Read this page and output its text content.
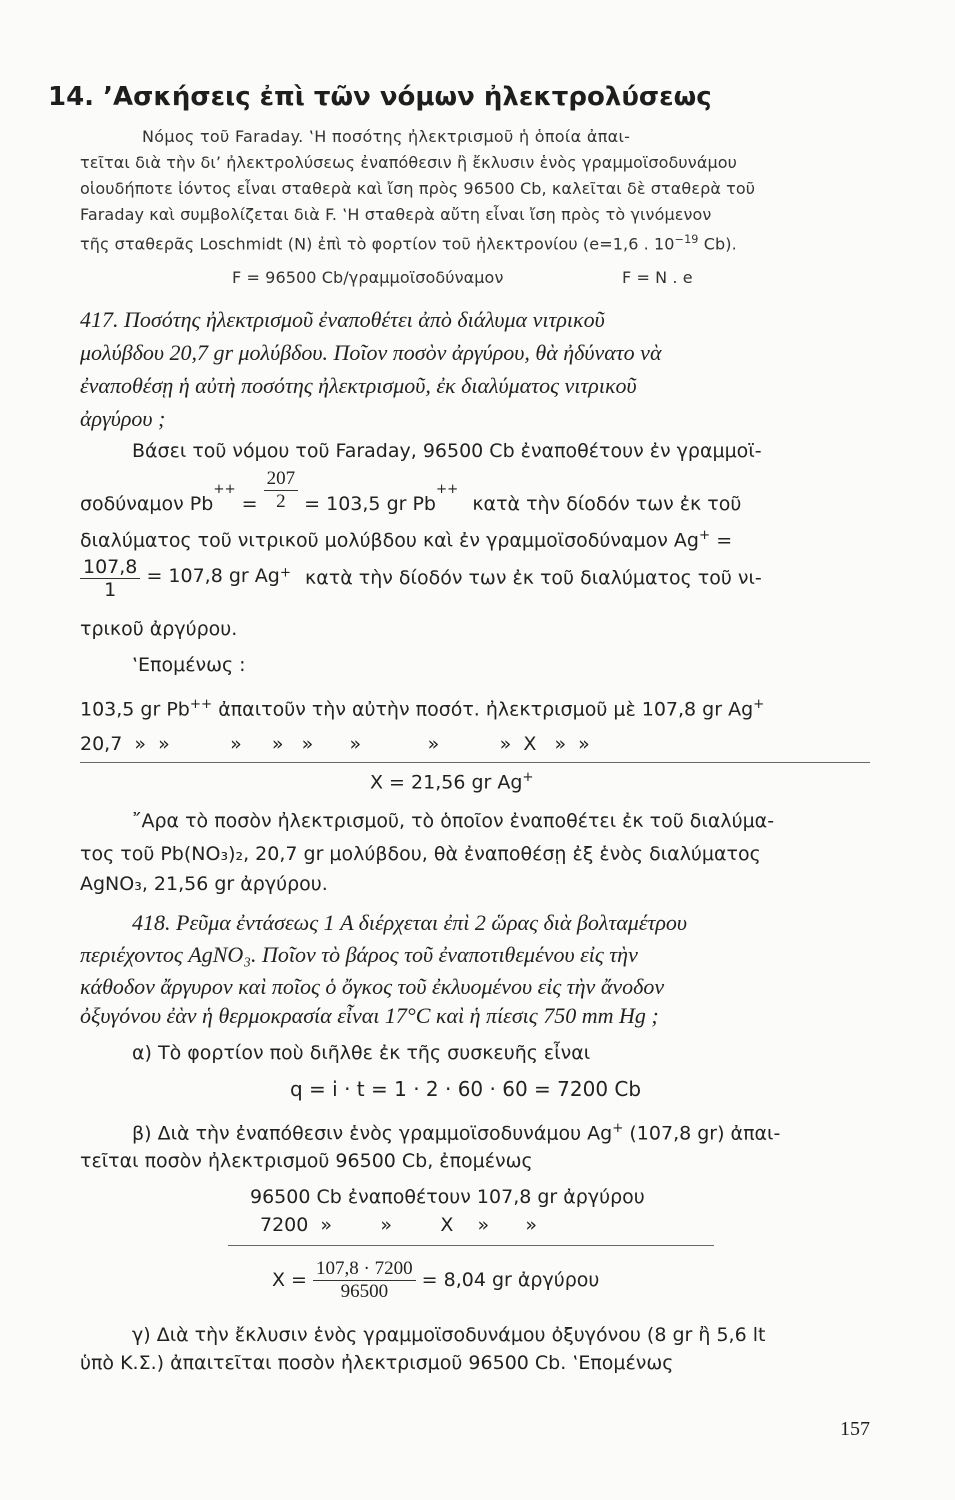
14. ’Ασκήσεις ἐπὶ τῶν νόμων ἠλεκτρολύσεως
Νόμος τοῦ Faraday. ‛Η ποσότης ἠλεκτρισμοῦ ἡ ὁποία ἀπαι-
τεῖται διὰ τὴν δι’ ἠλεκτρολύσεως ἐναπόθεσιν ἢ ἔκλυσιν ἑνὸς γραμμοϊσοδυνάμου
οἱουδήποτε ἰόντος εἶναι σταθερὰ καὶ ἴση πρὸς 96500 Cb, καλεῖται δὲ σταθερὰ τοῦ
Faraday καὶ συμβολίζεται διὰ F. ‛Η σταθερὰ αὔτη εἶναι ἴση πρὸς τὸ γινόμενον
τῆς σταθερᾶς Loschmidt (N) ἐπὶ τὸ φορτίον τοῦ ἠλεκτρονίου (e=1,6 . $10^{-19}$ Cb).
F = 96500 Cb/γραμμοϊσοδύναμον	F = N . e
417. Ποσότης ἠλεκτρισμοῦ ἐναποθέτει ἀπὸ διάλυμα νιτρικοῦ
μολύβδου 20,7 gr μολύβδου. Ποῖον ποσὸν ἀργύρου, θὰ ἠδύνατο νὰ
ἐναποθέσῃ ἡ αὐτὴ ποσότης ἠλεκτρισμοῦ, ἐκ διαλύματος νιτρικοῦ
ἀργύρου ;
Βάσει τοῦ νόμου τοῦ Faraday, 96500 Cb ἐναποθέτουν ἐν γραμμοϊ-
σοδύναμον $Pb^{++} = \frac{207}{2} = 103,5$ gr Pb++ κατὰ τὴν δίοδόν των ἐκ τοῦ
διαλύματος τοῦ νιτρικοῦ μολύβδου καὶ ἐν γραμμοϊσοδύναμον Ag+ =
$\frac{107,8}{1} = 107,8$ gr Ag+ κατὰ τὴν δίοδόν των ἐκ τοῦ διαλύματος τοῦ νι-
τρικοῦ ἀργύρου.
‛Επομένως :
103,5 gr Pb++ ἀπαιτοῦν τὴν αὐτὴν ποσότ. ἠλεκτρισμοῦ μὲ 107,8 gr Ag+
20,7  »  »          »     »   »      »           »          »  X   »  »
X = 21,56 gr Ag+
῎Αρα τὸ ποσὸν ἠλεκτρισμοῦ, τὸ ὁποῖον ἐναποθέτει ἐκ τοῦ διαλύμα-
τος τοῦ Pb(NO₃)₂, 20,7 gr μολύβδου, θὰ ἐναποθέσῃ ἐξ ἑνὸς διαλύματος
AgNO₃, 21,56 gr ἀργύρου.
418. Ρεῦμα ἐντάσεως 1 A διέρχεται ἐπὶ 2 ὥρας διὰ βολταμέτρου
περιέχοντος AgNO₃. Ποῖον τὸ βάρος τοῦ ἐναποτιθεμένου εἰς τὴν
κάθοδον ἄργυρον καὶ ποῖος ὁ ὄγκος τοῦ ἐκλυομένου εἰς τὴν ἄνοδον
ὀξυγόνου ἐὰν ἡ θερμοκρασία εἶναι 17°C καὶ ἡ πίεσις 750 mm Hg ;
α) Τὸ φορτίον ποὺ διῆλθε ἐκ τῆς συσκευῆς εἶναι
q = i · t = 1 · 2 · 60 · 60 = 7200 Cb
β) Διὰ τὴν ἐναπόθεσιν ἑνὸς γραμμοϊσοδυνάμου Ag+ (107,8 gr) ἀπαι-
τεῖται ποσὸν ἠλεκτρισμοῦ 96500 Cb, ἐπομένως
96500 Cb ἐναποθέτουν 107,8 gr ἀργύρου
7200  »        »        X    »      »
$X = \frac{107,8 \cdot 7200}{96500} = 8,04$ gr ἀργύρου
γ) Διὰ τὴν ἔκλυσιν ἑνὸς γραμμοϊσοδυνάμου ὀξυγόνου (8 gr ἢ 5,6 lt
ὑπὸ Κ.Σ.) ἀπαιτεῖται ποσὸν ἠλεκτρισμοῦ 96500 Cb. ‛Επομένως
157
